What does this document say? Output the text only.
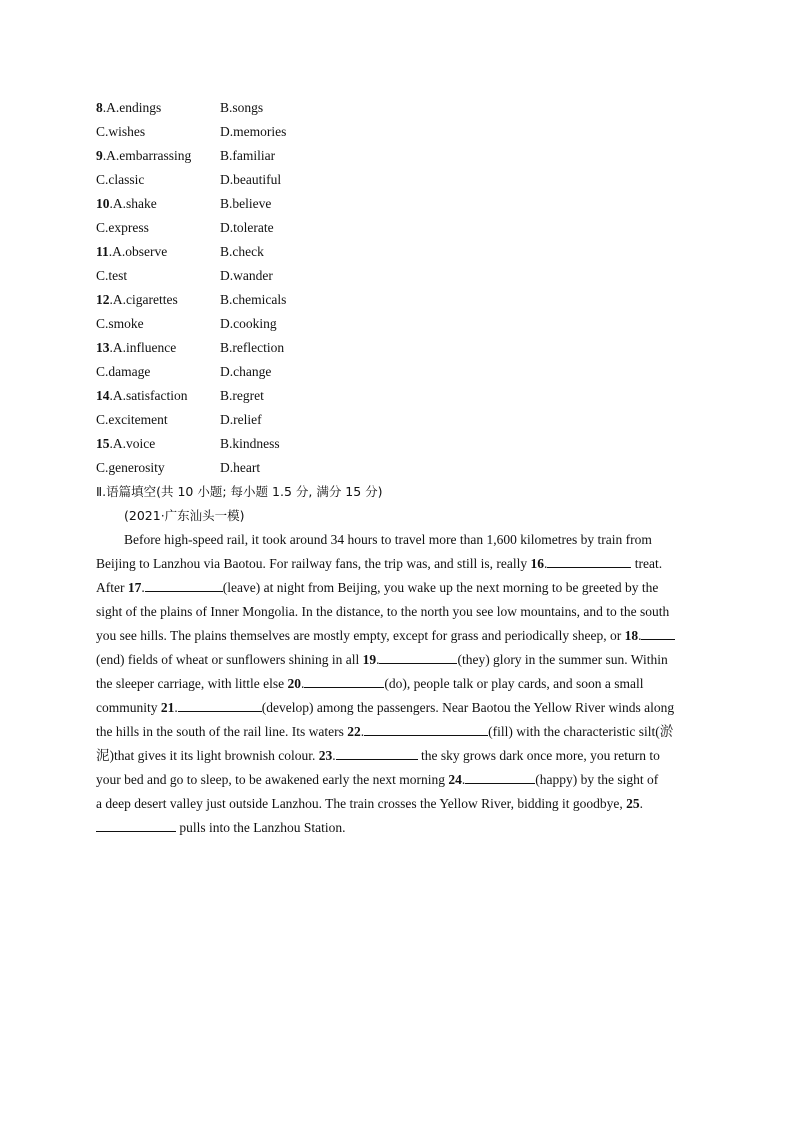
8.A.endings	B.songs
C.wishes	D.memories
9.A.embarrassing B.familiar
C.classic	D.beautiful
10.A.shake	B.believe
C.express	D.tolerate
11.A.observe	B.check
C.test	D.wander
12.A.cigarettes	B.chemicals
C.smoke	D.cooking
13.A.influence	B.reflection
C.damage	D.change
14.A.satisfaction B.regret
C.excitement	D.relief
15.A.voice	B.kindness
C.generosity	D.heart
Ⅱ.语篇填空(共 10 小题; 每小题 1.5 分, 满分 15 分)
(2021·广东汕头一模)
Before high-speed rail, it took around 34 hours to travel more than 1,600 kilometres by train from
Beijing to Lanzhou via Baotou. For railway fans, the trip was, and still is, really 16.	treat.
After 17.	(leave) at night from Beijing, you wake up the next morning to be greeted by the
sight of the plains of Inner Mongolia. In the distance, to the north you see low mountains, and to the south
you see hills. The plains themselves are mostly empty, except for grass and periodically sheep, or 18.
(end) fields of wheat or sunflowers shining in all 19.	(they) glory in the summer sun. Within
the sleeper carriage, with little else 20.	(do), people talk or play cards, and soon a small
community 21.	(develop) among the passengers. Near Baotou the Yellow River winds along
the hills in the south of the rail line. Its waters 22.	(fill) with the characteristic silt(淤
泥)that gives it its light brownish colour. 23.	the sky grows dark once more, you return to
your bed and go to sleep, to be awakened early the next morning 24.	(happy) by the sight of
a deep desert valley just outside Lanzhou. The train crosses the Yellow River, bidding it goodbye, 25.
pulls into the Lanzhou Station.
